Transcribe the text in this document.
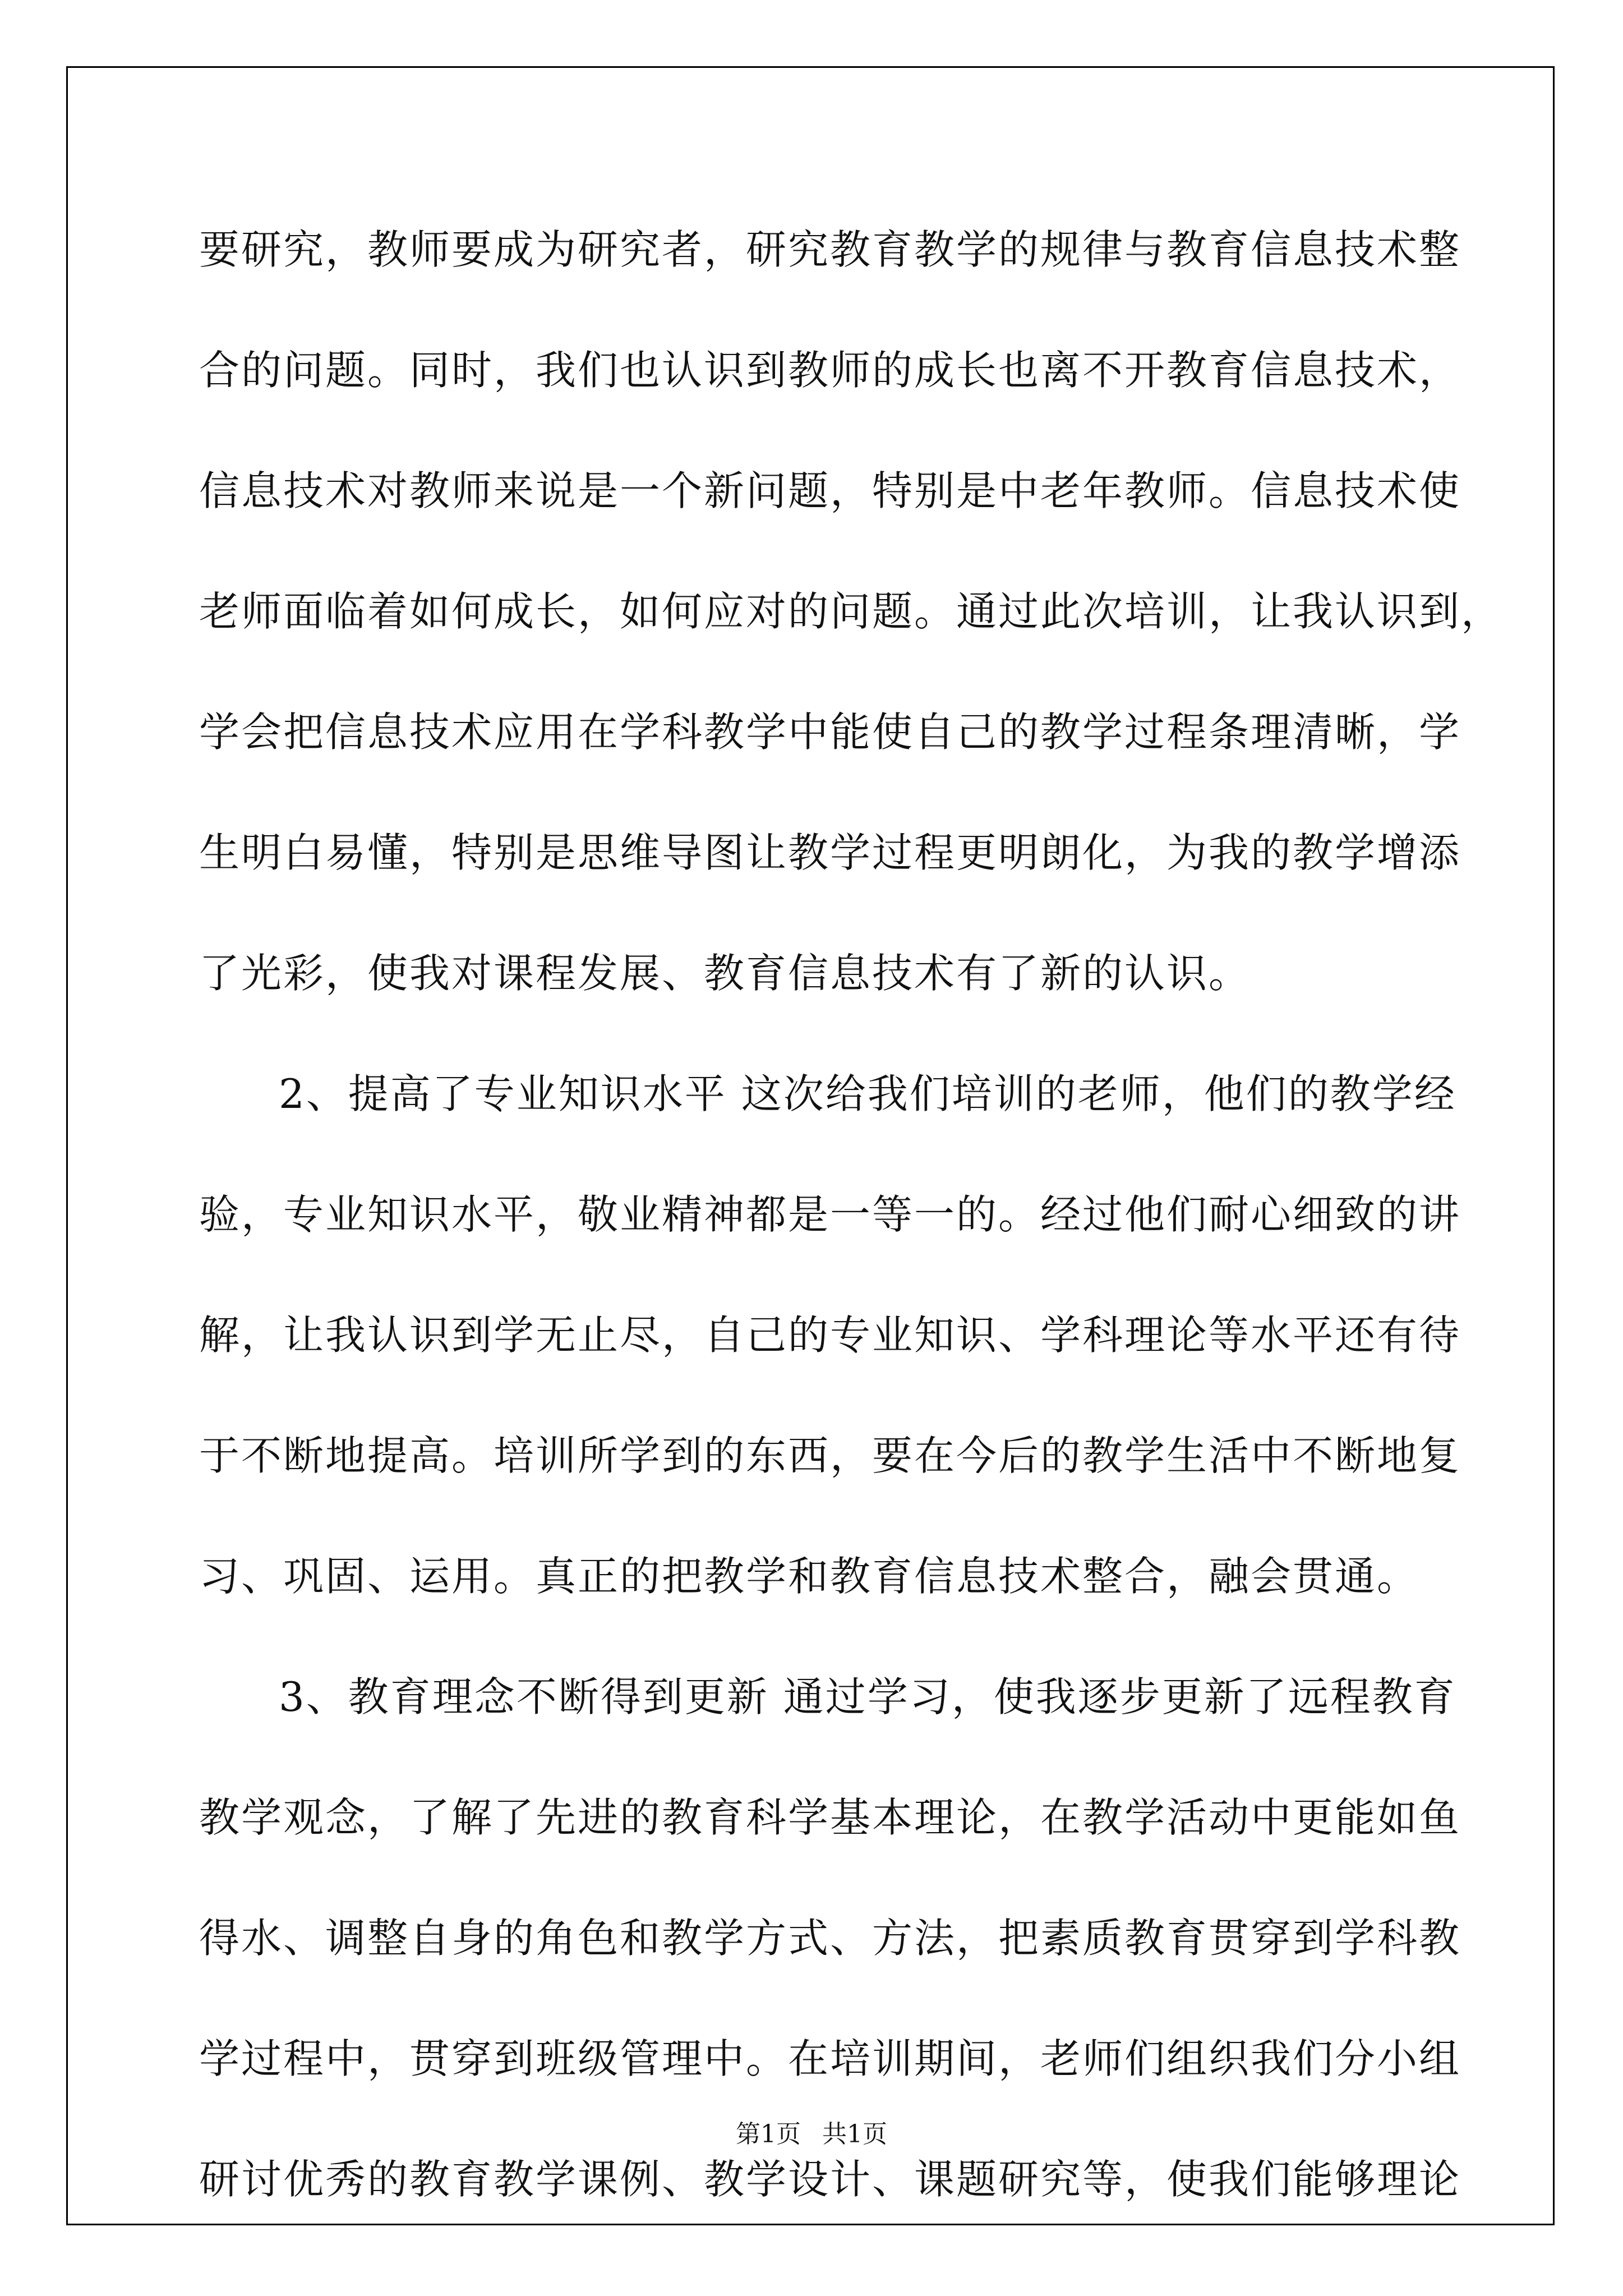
要研究，教师要成为研究者，研究教育教学的规律与教育信息技术整
合的问题。同时，我们也认识到教师的成长也离不开教育信息技术，
信息技术对教师来说是一个新问题，特别是中老年教师。信息技术使
老师面临着如何成长，如何应对的问题。通过此次培训，让我认识到，
学会把信息技术应用在学科教学中能使自己的教学过程条理清晰，学
生明白易懂，特别是思维导图让教学过程更明朗化，为我的教学增添
了光彩，使我对课程发展、教育信息技术有了新的认识。
2、提高了专业知识水平 这次给我们培训的老师，他们的教学经
验，专业知识水平，敬业精神都是一等一的。经过他们耐心细致的讲
解，让我认识到学无止尽，自己的专业知识、学科理论等水平还有待
于不断地提高。培训所学到的东西，要在今后的教学生活中不断地复
习、巩固、运用。真正的把教学和教育信息技术整合，融会贯通。
3、教育理念不断得到更新 通过学习，使我逐步更新了远程教育
教学观念，了解了先进的教育科学基本理论，在教学活动中更能如鱼
得水、调整自身的角色和教学方式、方法，把素质教育贯穿到学科教
学过程中，贯穿到班级管理中。在培训期间，老师们组织我们分小组
研讨优秀的教育教学课例、教学设计、课题研究等，使我们能够理论
第1页 共1页
